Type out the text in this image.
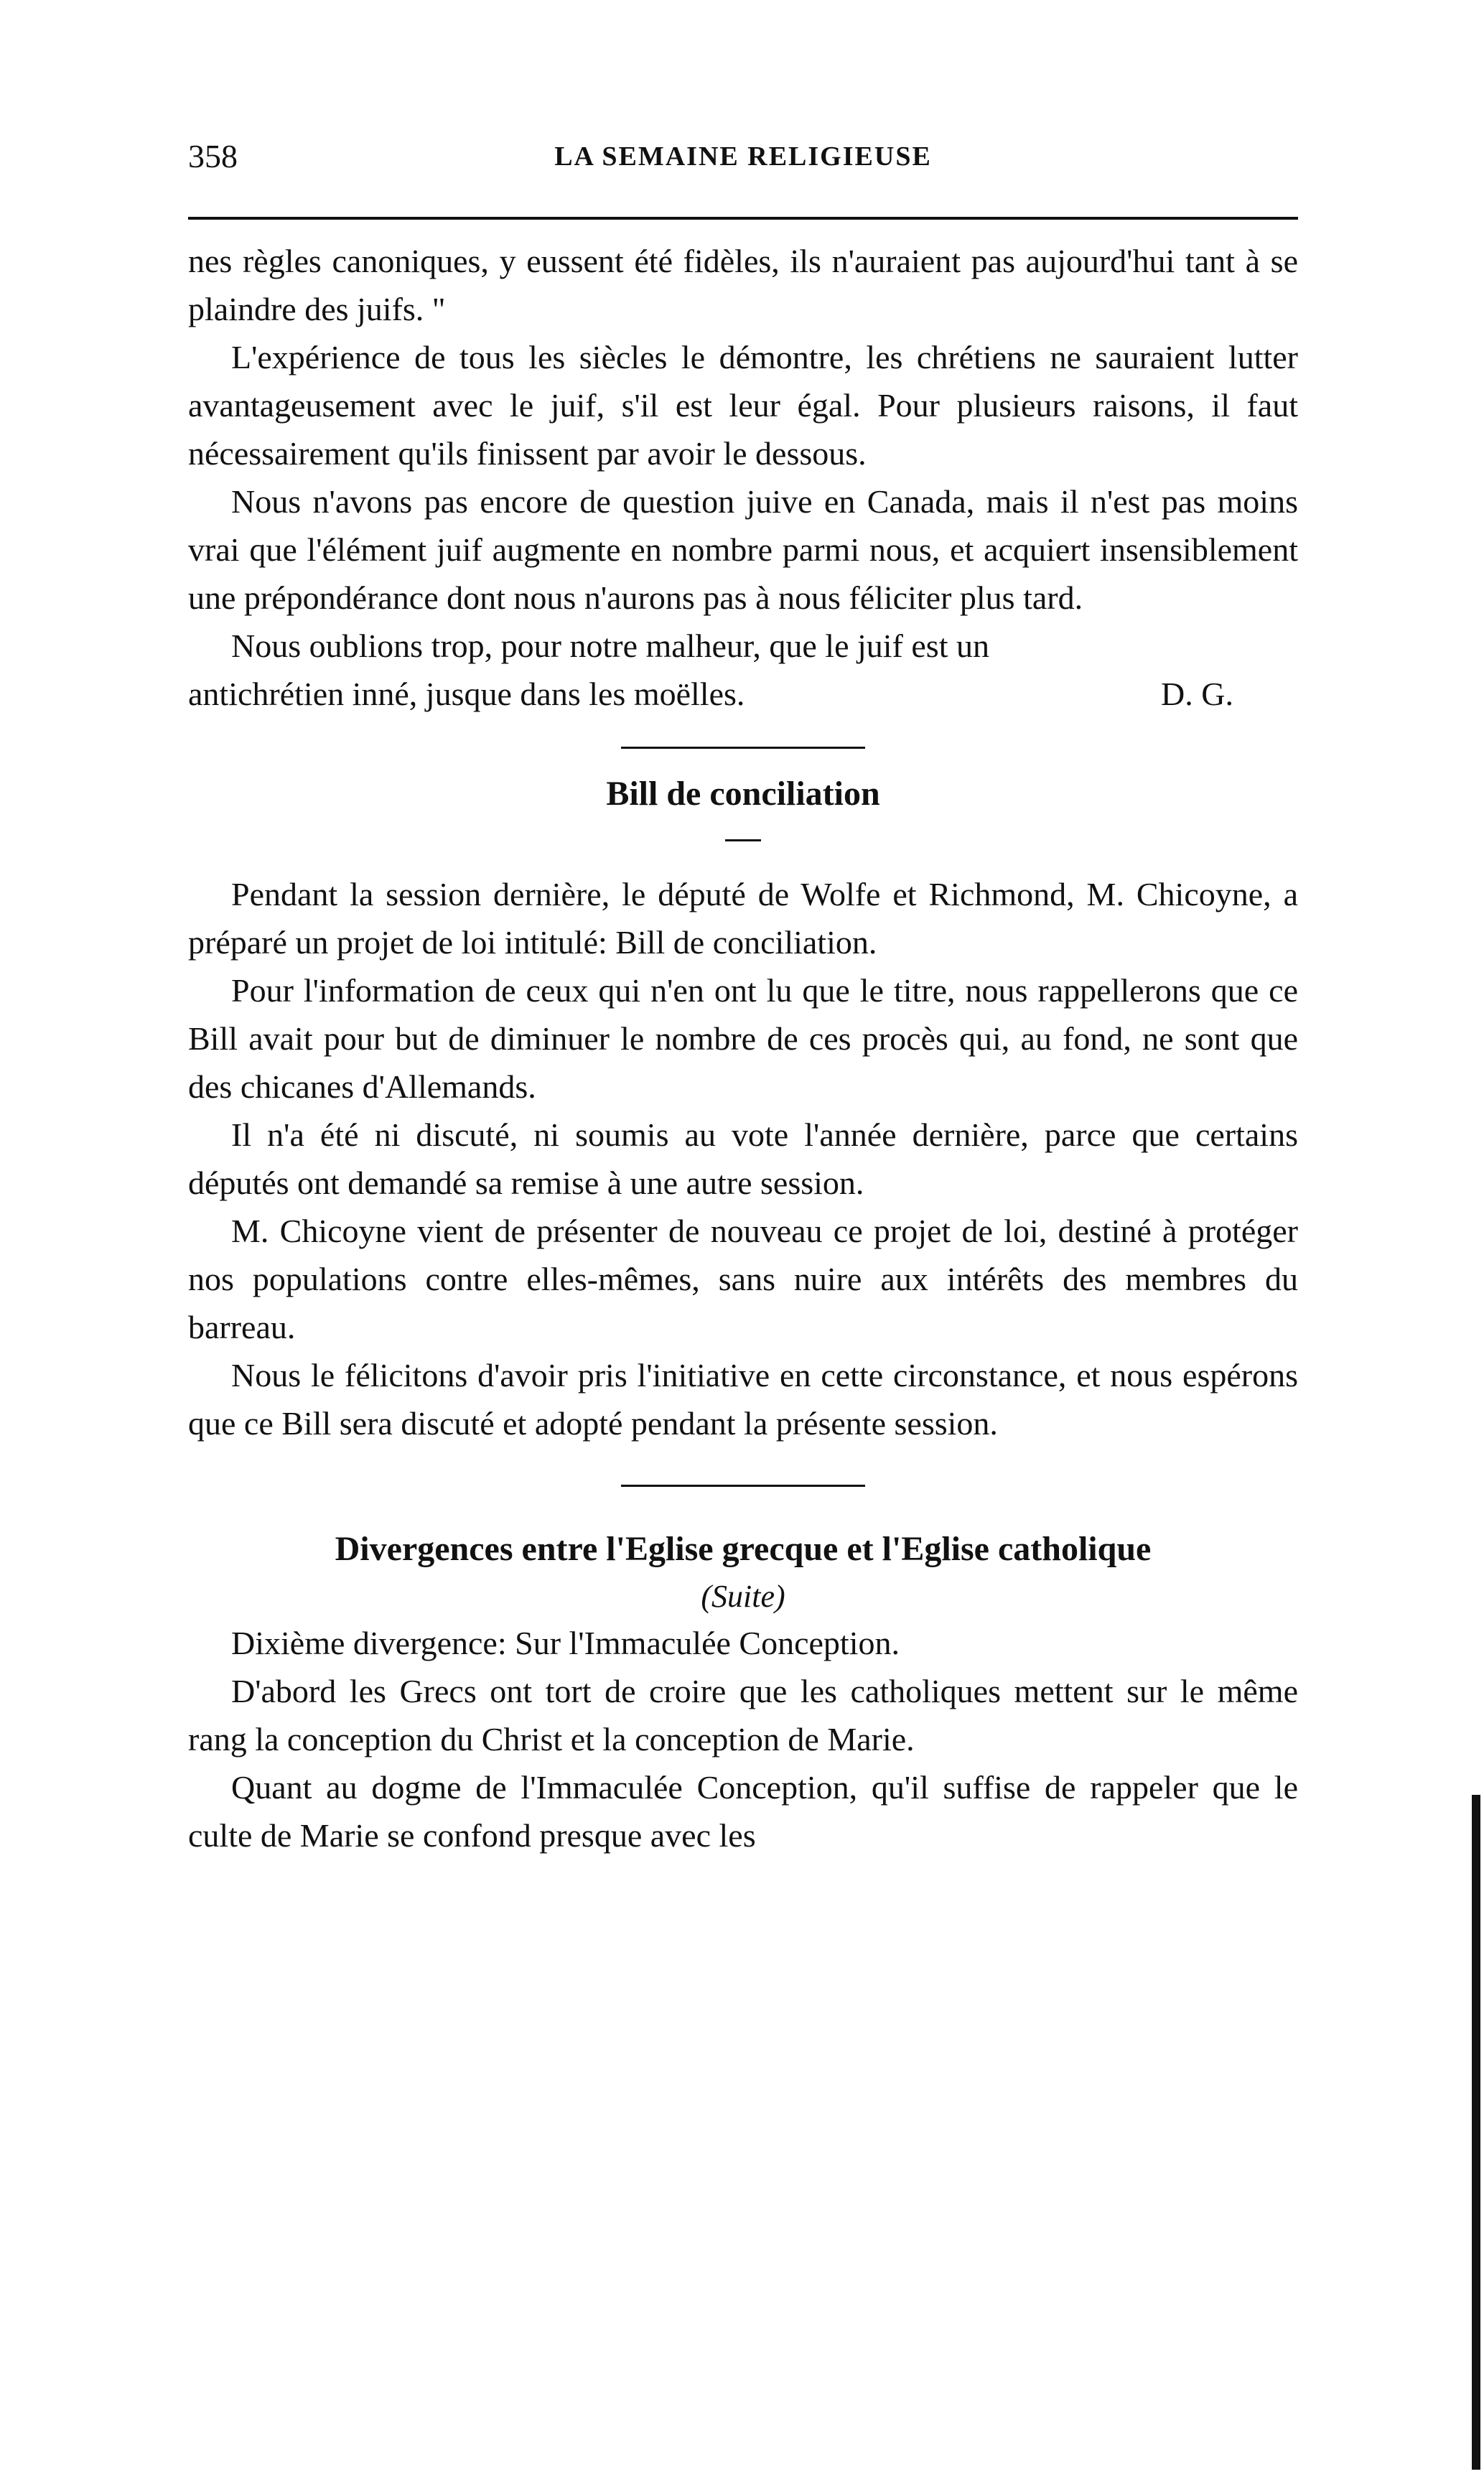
358	LA SEMAINE RELIGIEUSE

nes règles canoniques, y eussent été fidèles, ils n'auraient pas aujourd'hui tant à se plaindre des juifs. "

L'expérience de tous les siècles le démontre, les chrétiens ne sauraient lutter avantageusement avec le juif, s'il est leur égal. Pour plusieurs raisons, il faut nécessairement qu'ils finissent par avoir le dessous.

Nous n'avons pas encore de question juive en Canada, mais il n'est pas moins vrai que l'élément juif augmente en nombre parmi nous, et acquiert insensiblement une prépondérance dont nous n'aurons pas à nous féliciter plus tard.

Nous oublions trop, pour notre malheur, que le juif est un

antichrétien inné, jusque dans les moëlles.	D. G.
Bill de conciliation

Pendant la session dernière, le député de Wolfe et Richmond, M. Chicoyne, a préparé un projet de loi intitulé: Bill de conciliation.

Pour l'information de ceux qui n'en ont lu que le titre, nous rappellerons que ce Bill avait pour but de diminuer le nombre de ces procès qui, au fond, ne sont que des chicanes d'Allemands.

Il n'a été ni discuté, ni soumis au vote l'année dernière, parce que certains députés ont demandé sa remise à une autre session.

M. Chicoyne vient de présenter de nouveau ce projet de loi, destiné à protéger nos populations contre elles-mêmes, sans nuire aux intérêts des membres du barreau.

Nous le félicitons d'avoir pris l'initiative en cette circonstance, et nous espérons que ce Bill sera discuté et adopté pendant la présente session.

Divergences entre l'Eglise grecque et l'Eglise catholique

(Suite)

Dixième divergence: Sur l'Immaculée Conception.

D'abord les Grecs ont tort de croire que les catholiques mettent sur le même rang la conception du Christ et la conception de Marie.

Quant au dogme de l'Immaculée Conception, qu'il suffise de rappeler que le culte de Marie se confond presque avec les
